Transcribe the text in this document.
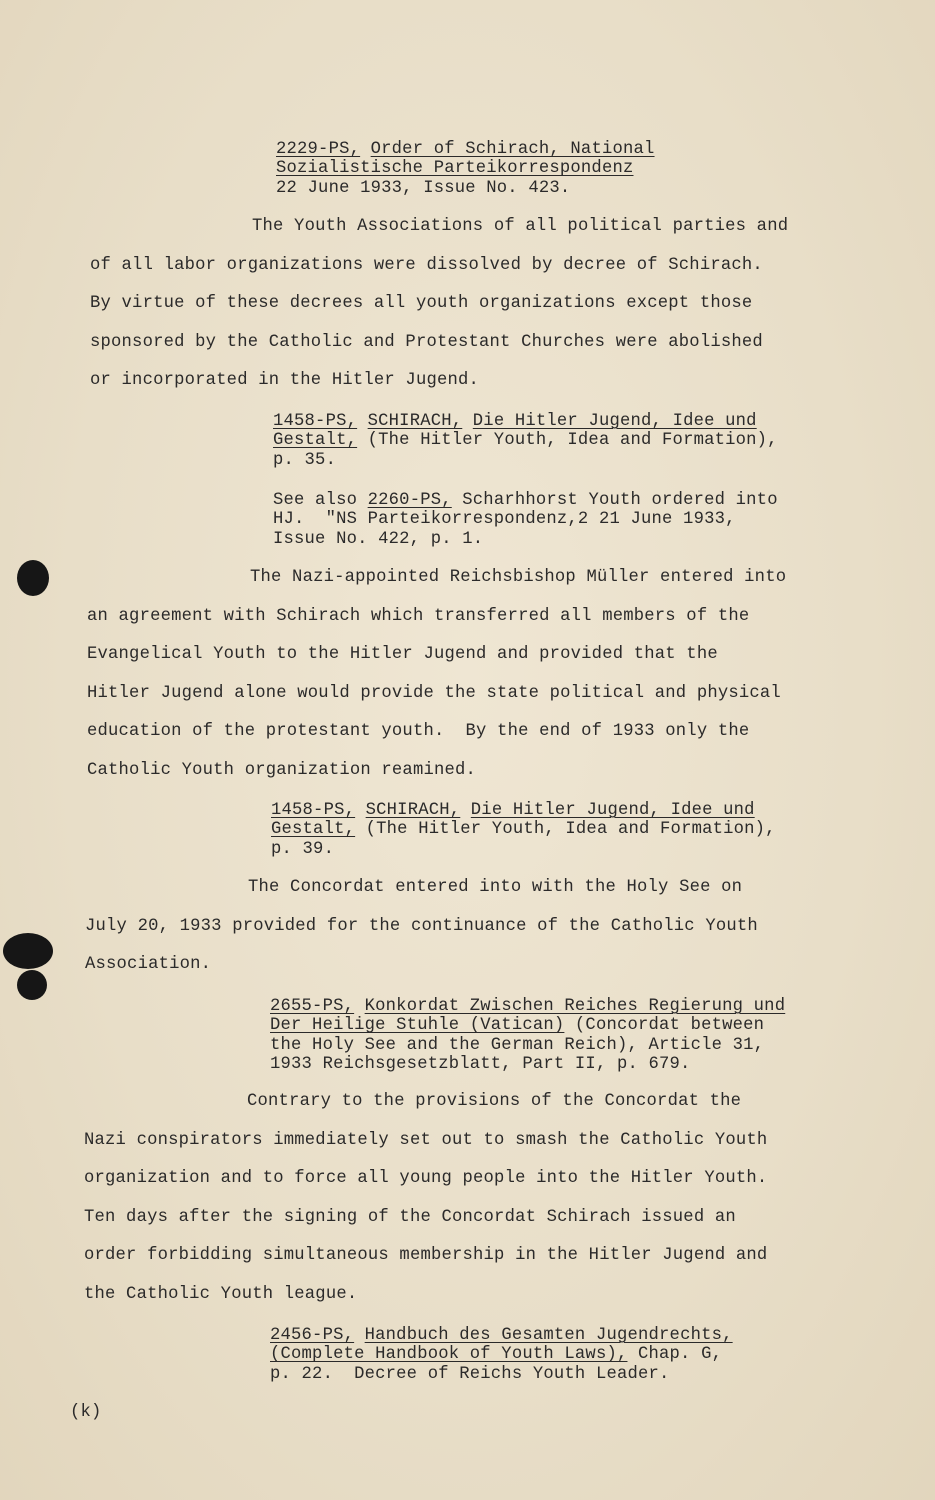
2229-PS, Order of Schirach, National

Sozialistische Parteikorrespondenz

22 June 1933, Issue No. 423.

The Youth Associations of all political parties and

of all labor organizations were dissolved by decree of Schirach.

By virtue of these decrees all youth organizations except those

sponsored by the Catholic and Protestant Churches were abolished

or incorporated in the Hitler Jugend.

1458-PS, SCHIRACH, Die Hitler Jugend, Idee und

Gestalt, (The Hitler Youth, Idea and Formation),

p. 35.

See also 2260-PS, Scharhhorst Youth ordered into

HJ.  "NS Parteikorrespondenz,2 21 June 1933,

Issue No. 422, p. 1.

The Nazi-appointed Reichsbishop Müller entered into

an agreement with Schirach which transferred all members of the

Evangelical Youth to the Hitler Jugend and provided that the

Hitler Jugend alone would provide the state political and physical

education of the protestant youth.  By the end of 1933 only the

Catholic Youth organization reamined.

1458-PS, SCHIRACH, Die Hitler Jugend, Idee und

Gestalt, (The Hitler Youth, Idea and Formation),

p. 39.

The Concordat entered into with the Holy See on

July 20, 1933 provided for the continuance of the Catholic Youth

Association.

2655-PS, Konkordat Zwischen Reiches Regierung und

Der Heilige Stuhle (Vatican) (Concordat between

the Holy See and the German Reich), Article 31,

1933 Reichsgesetzblatt, Part II, p. 679.

Contrary to the provisions of the Concordat the

Nazi conspirators immediately set out to smash the Catholic Youth

organization and to force all young people into the Hitler Youth.

Ten days after the signing of the Concordat Schirach issued an

order forbidding simultaneous membership in the Hitler Jugend and

the Catholic Youth league.

2456-PS, Handbuch des Gesamten Jugendrechts,

(Complete Handbook of Youth Laws), Chap. G,

p. 22.  Decree of Reichs Youth Leader.

(k)
